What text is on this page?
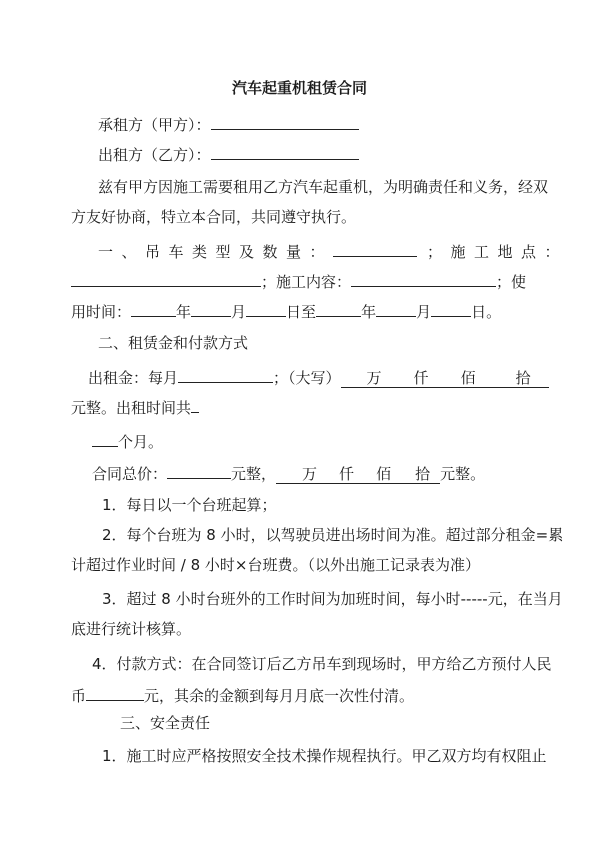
汽车起重机租赁合同
承租方（甲方）：
出租方（乙方）：
兹有甲方因施工需要租用乙方汽车起重机，为明确责任和义务，经双
方友好协商，特立本合同，共同遵守执行。
一、吊车类型及数量：	；施工地点：
；施工内容：	；使
用时间：	年	月	日至	年	月	日。
二、租赁金和付款方式
出租金：每月	；（大写） 万 仟 佰	拾
元整。出租时间共
个月。
合同总价：	元整， 万 仟 佰 拾 元整。
1．每日以一个台班起算；
2．每个台班为 8 小时，以驾驶员进出场时间为准。超过部分租金=累
计超过作业时间 / 8 小时×台班费。（以外出施工记录表为准）
3．超过 8 小时台班外的工作时间为加班时间，每小时-----元，在当月
底进行统计核算。
4．付款方式：在合同签订后乙方吊车到现场时，甲方给乙方预付人民
币	元，其余的金额到每月月底一次性付清。
三、安全责任
1．施工时应严格按照安全技术操作规程执行。甲乙双方均有权阻止
